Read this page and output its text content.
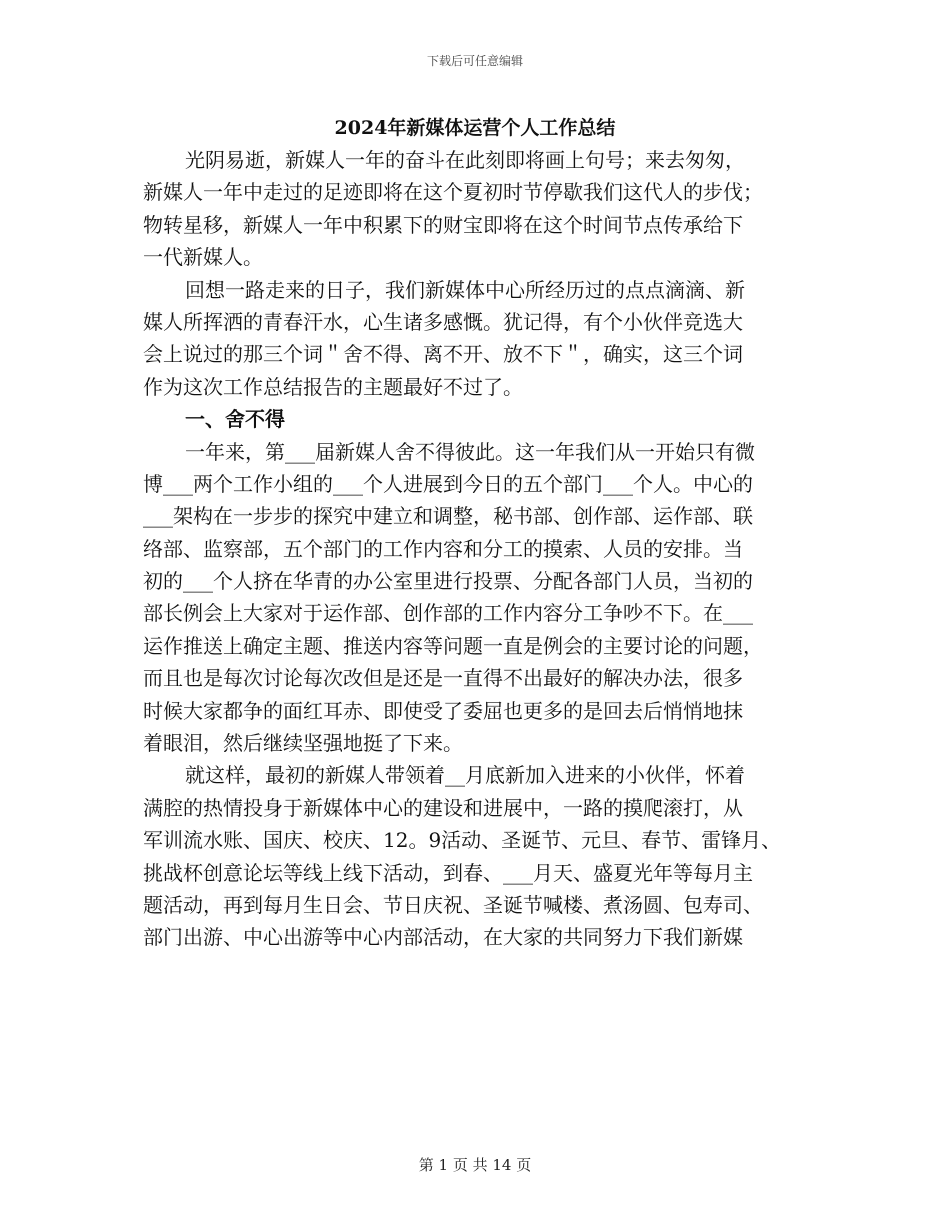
下载后可任意编辑
2024年新媒体运营个人工作总结
光阴易逝，新媒人一年的奋斗在此刻即将画上句号；来去匆匆，
新媒人一年中走过的足迹即将在这个夏初时节停歇我们这代人的步伐；
物转星移，新媒人一年中积累下的财宝即将在这个时间节点传承给下
一代新媒人。
回想一路走来的日子，我们新媒体中心所经历过的点点滴滴、新
媒人所挥洒的青春汗水，心生诸多感慨。犹记得，有个小伙伴竞选大
会上说过的那三个词＂舍不得、离不开、放不下＂，确实，这三个词
作为这次工作总结报告的主题最好不过了。
一、舍不得
一年来，第___届新媒人舍不得彼此。这一年我们从一开始只有微
博___两个工作小组的___个人进展到今日的五个部门___个人。中心的
___架构在一步步的探究中建立和调整，秘书部、创作部、运作部、联
络部、监察部，五个部门的工作内容和分工的摸索、人员的安排。当
初的___个人挤在华青的办公室里进行投票、分配各部门人员，当初的
部长例会上大家对于运作部、创作部的工作内容分工争吵不下。在___
运作推送上确定主题、推送内容等问题一直是例会的主要讨论的问题，
而且也是每次讨论每次改但是还是一直得不出最好的解决办法，很多
时候大家都争的面红耳赤、即使受了委屈也更多的是回去后悄悄地抹
着眼泪，然后继续坚强地挺了下来。
就这样，最初的新媒人带领着__月底新加入进来的小伙伴，怀着
满腔的热情投身于新媒体中心的建设和进展中，一路的摸爬滚打，从
军训流水账、国庆、校庆、12。9活动、圣诞节、元旦、春节、雷锋月、
挑战杯创意论坛等线上线下活动，到春、___月天、盛夏光年等每月主
题活动，再到每月生日会、节日庆祝、圣诞节喊楼、煮汤圆、包寿司、
部门出游、中心出游等中心内部活动，在大家的共同努力下我们新媒
第 1 页 共 14 页
